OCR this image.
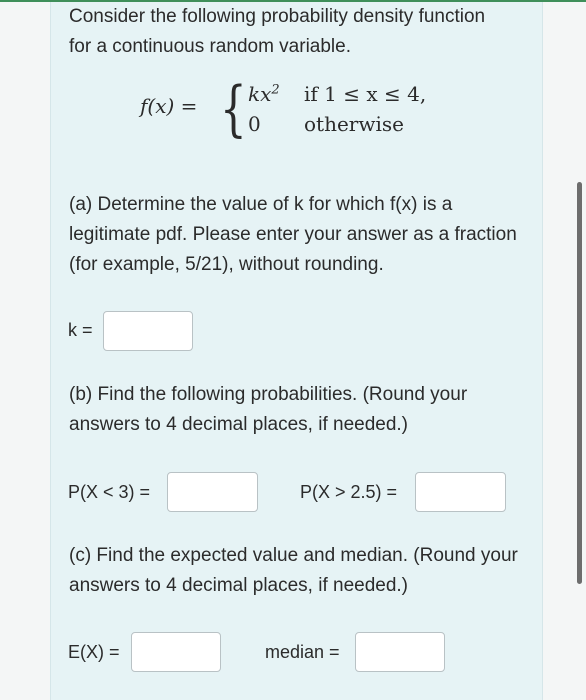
Consider the following probability density function for a continuous random variable.

f(x) = { $kx^2$ if 1 ≤ x ≤ 4,
0 otherwise

(a) Determine the value of k for which f(x) is a legitimate pdf. Please enter your answer as a fraction (for example, 5/21), without rounding.

k =

(b) Find the following probabilities. (Round your answers to 4 decimal places, if needed.)

P(X < 3) =	P(X > 2.5) =

(c) Find the expected value and median. (Round your answers to 4 decimal places, if needed.)

E(X) =	median =
